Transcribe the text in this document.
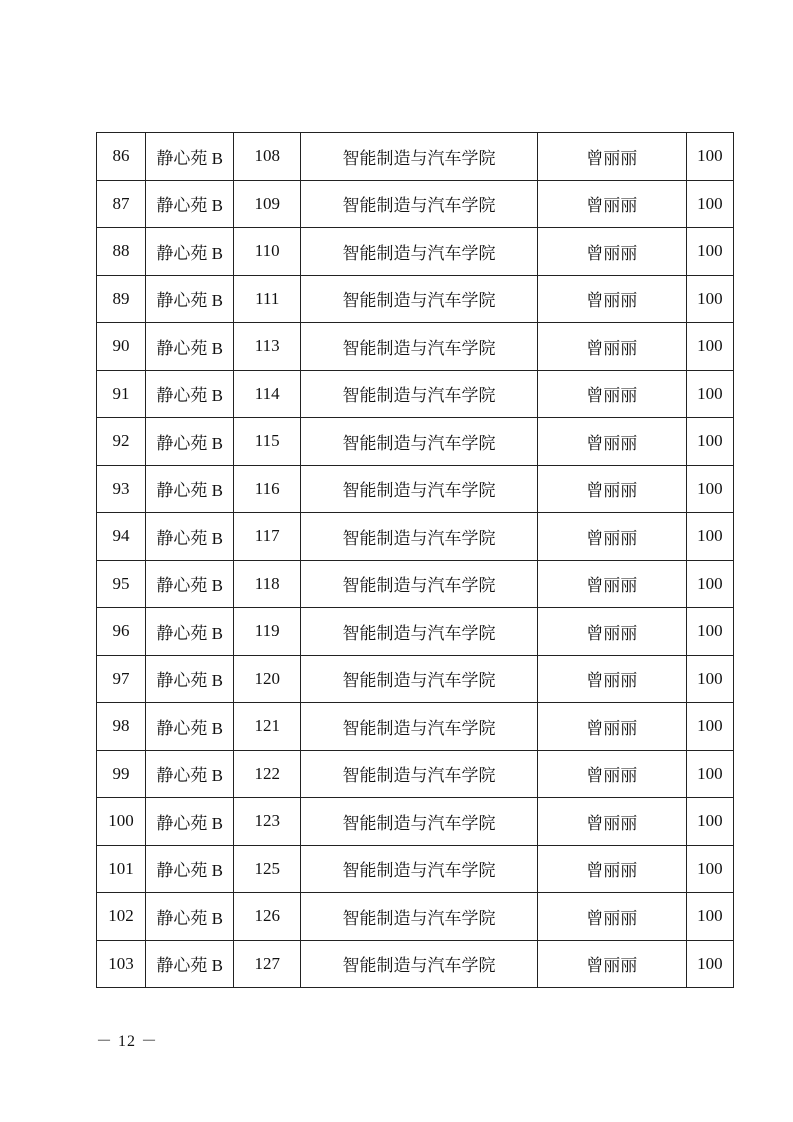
86	静心苑 B	108	智能制造与汽车学院	曾丽丽	100
87	静心苑 B	109	智能制造与汽车学院	曾丽丽	100
88	静心苑 B	110	智能制造与汽车学院	曾丽丽	100
89	静心苑 B	111	智能制造与汽车学院	曾丽丽	100
90	静心苑 B	113	智能制造与汽车学院	曾丽丽	100
91	静心苑 B	114	智能制造与汽车学院	曾丽丽	100
92	静心苑 B	115	智能制造与汽车学院	曾丽丽	100
93	静心苑 B	116	智能制造与汽车学院	曾丽丽	100
94	静心苑 B	117	智能制造与汽车学院	曾丽丽	100
95	静心苑 B	118	智能制造与汽车学院	曾丽丽	100
96	静心苑 B	119	智能制造与汽车学院	曾丽丽	100
97	静心苑 B	120	智能制造与汽车学院	曾丽丽	100
98	静心苑 B	121	智能制造与汽车学院	曾丽丽	100
99	静心苑 B	122	智能制造与汽车学院	曾丽丽	100
100	静心苑 B	123	智能制造与汽车学院	曾丽丽	100
101	静心苑 B	125	智能制造与汽车学院	曾丽丽	100
102	静心苑 B	126	智能制造与汽车学院	曾丽丽	100
103	静心苑 B	127	智能制造与汽车学院	曾丽丽	100
－ 12 －
